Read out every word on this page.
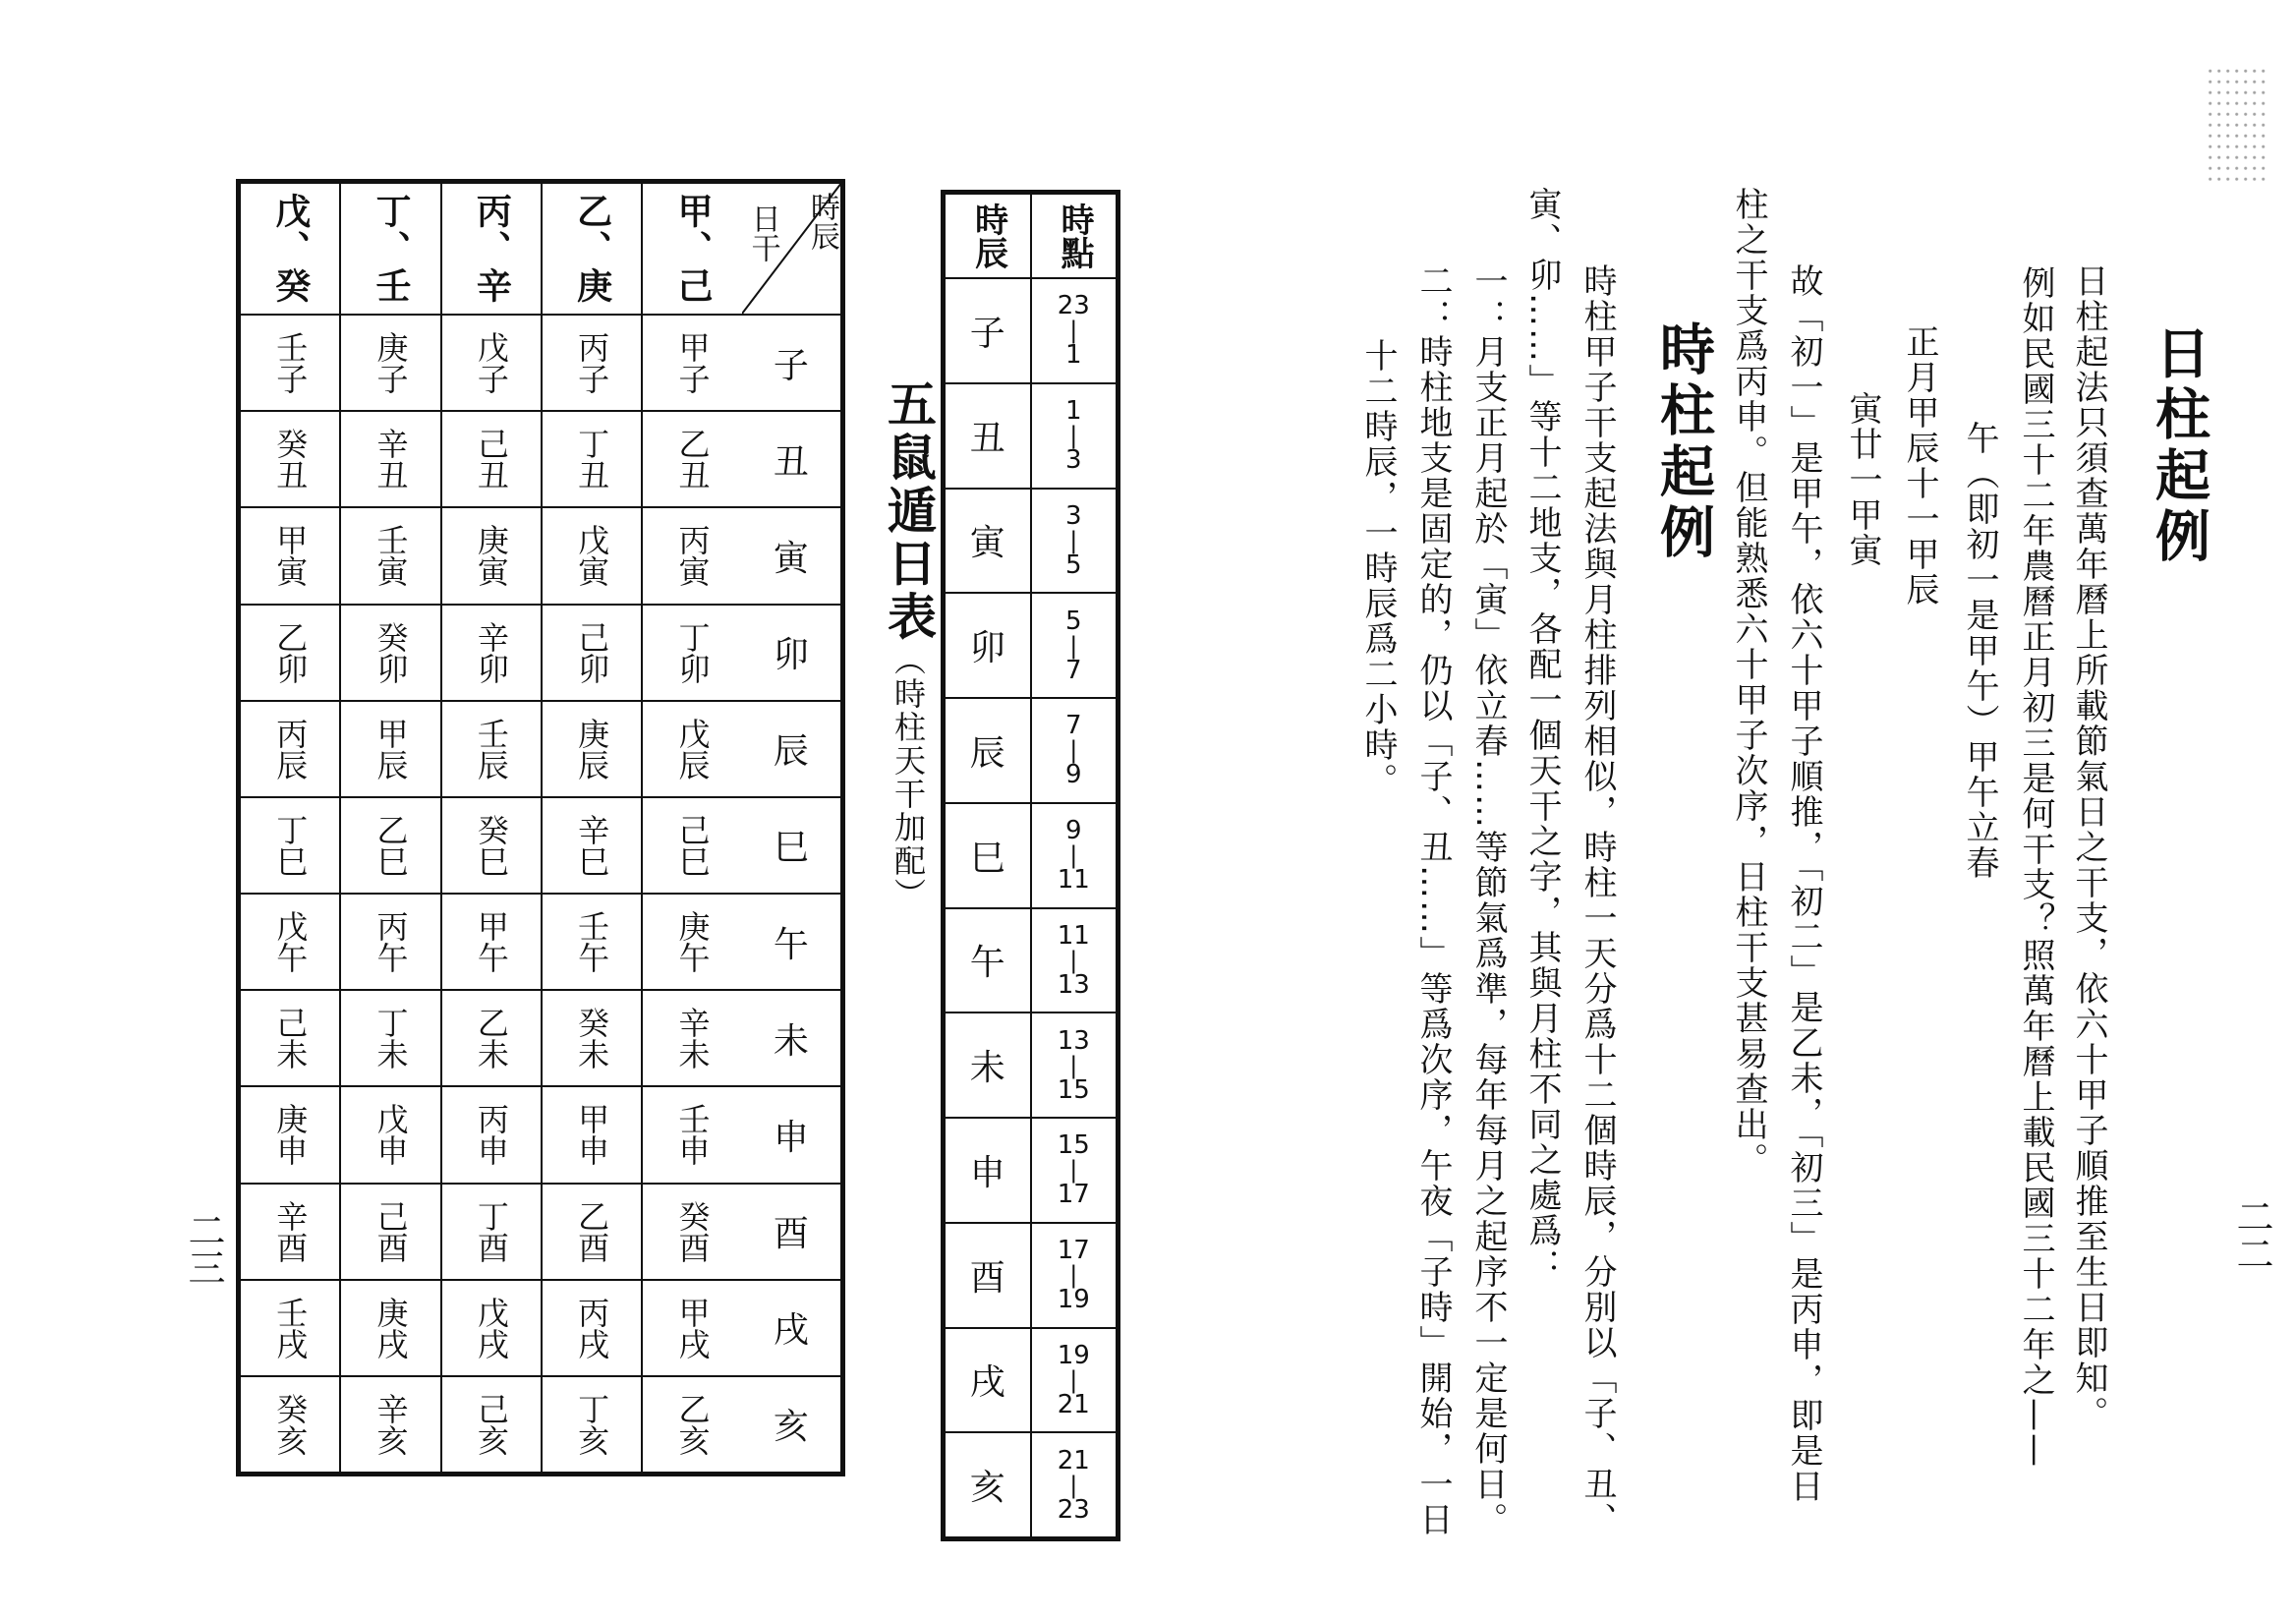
二二
日柱起例
日柱起法只須查萬年曆上所載節氣日之干支，依六十甲子順推至生日即知。
例如民國三十二年農曆正月初三是何干支？照萬年曆上載民國三十二年之——
午（即初一是甲午）甲午立春
正月甲辰十一甲辰
寅廿一甲寅
故「初一」是甲午，依六十甲子順推，「初二」是乙未，「初三」是丙申，即是日
柱之干支爲丙申。但能熟悉六十甲子次序，日柱干支甚易查出。
時柱起例
時柱甲子干支起法與月柱排列相似，時柱一天分爲十二個時辰，分別以「子、丑、
寅、卯……」等十二地支，各配一個天干之字，其與月柱不同之處爲：
一：月支正月起於「寅」依立春……等節氣爲準，每年每月之起序不一定是何日。
二：時柱地支是固定的，仍以「子、丑……」等爲次序，午夜「子時」開始，一日
十二時辰，一時辰爲二小時。
時辰 時點
子
23
|
1
丑
1
|
3
寅
3
|
5
卯
5
|
7
辰
7
|
9
巳
9
|
11
午
11
|
13
未
13
|
15
申
15
|
17
酉
17
|
19
戌
19
|
21
亥
21
|
23
五鼠遁日表（時柱天干加配）
時辰
日干
子
丑
寅
卯
辰
巳
午
未
申
酉
戌
亥
甲、己
甲子
乙丑
丙寅
丁卯
戊辰
己巳
庚午
辛未
壬申
癸酉
甲戌
乙亥
乙、庚
丙子
丁丑
戊寅
己卯
庚辰
辛巳
壬午
癸未
甲申
乙酉
丙戌
丁亥
丙、辛
戊子
己丑
庚寅
辛卯
壬辰
癸巳
甲午
乙未
丙申
丁酉
戊戌
己亥
丁、壬
庚子
辛丑
壬寅
癸卯
甲辰
乙巳
丙午
丁未
戊申
己酉
庚戌
辛亥
戊、癸
壬子
癸丑
甲寅
乙卯
丙辰
丁巳
戊午
己未
庚申
辛酉
壬戌
癸亥
二三
